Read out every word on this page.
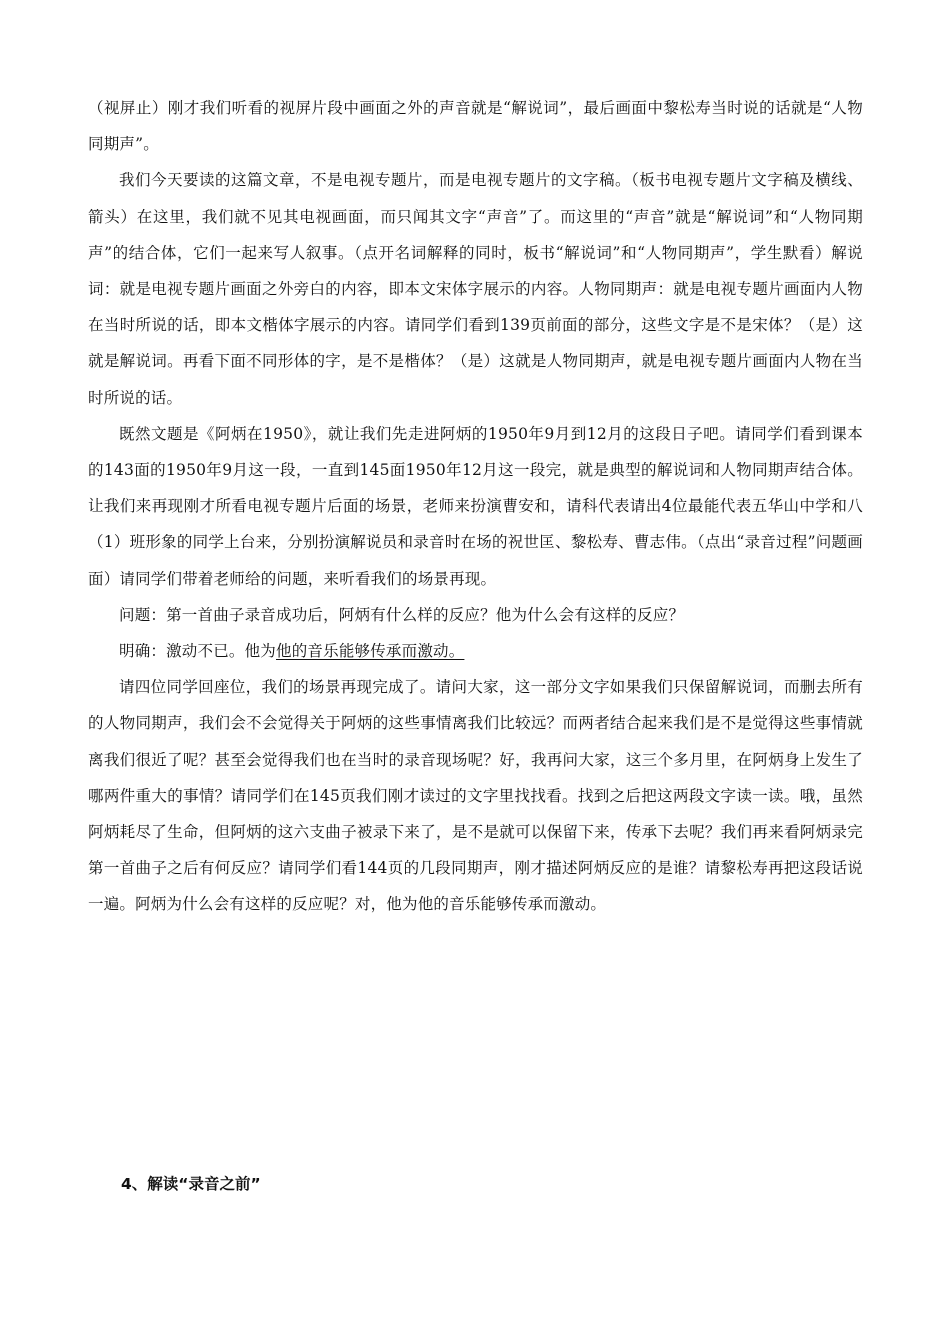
（视屏止）刚才我们听看的视屏片段中画面之外的声音就是“解说词”，最后画面中黎松寿当时说的话就是“人物同期声”。

我们今天要读的这篇文章，不是电视专题片，而是电视专题片的文字稿。（板书电视专题片文字稿及横线、箭头）在这里，我们就不见其电视画面，而只闻其文字“声音”了。而这里的“声音”就是“解说词”和“人物同期声”的结合体，它们一起来写人叙事。（点开名词解释的同时，板书“解说词”和“人物同期声”，学生默看）解说词：就是电视专题片画面之外旁白的内容，即本文宋体字展示的内容。人物同期声：就是电视专题片画面内人物在当时所说的话，即本文楷体字展示的内容。请同学们看到139页前面的部分，这些文字是不是宋体？（是）这就是解说词。再看下面不同形体的字，是不是楷体？（是）这就是人物同期声，就是电视专题片画面内人物在当时所说的话。

既然文题是《阿炳在1950》，就让我们先走进阿炳的1950年9月到12月的这段日子吧。请同学们看到课本的143面的1950年9月这一段，一直到145面1950年12月这一段完，就是典型的解说词和人物同期声结合体。让我们来再现刚才所看电视专题片后面的场景，老师来扮演曹安和，请科代表请出4位最能代表五华山中学和八（1）班形象的同学上台来，分别扮演解说员和录音时在场的祝世匡、黎松寿、曹志伟。（点出“录音过程”问题画面）请同学们带着老师给的问题，来听看我们的场景再现。

问题：第一首曲子录音成功后，阿炳有什么样的反应？他为什么会有这样的反应？

明确：激动不已。他为他的音乐能够传承而激动。

请四位同学回座位，我们的场景再现完成了。请问大家，这一部分文字如果我们只保留解说词，而删去所有的人物同期声，我们会不会觉得关于阿炳的这些事情离我们比较远？而两者结合起来我们是不是觉得这些事情就离我们很近了呢？甚至会觉得我们也在当时的录音现场呢？好，我再问大家，这三个多月里，在阿炳身上发生了哪两件重大的事情？请同学们在145页我们刚才读过的文字里找找看。找到之后把这两段文字读一读。哦，虽然阿炳耗尽了生命，但阿炳的这六支曲子被录下来了，是不是就可以保留下来，传承下去呢？我们再来看阿炳录完第一首曲子之后有何反应？请同学们看144页的几段同期声，刚才描述阿炳反应的是谁？请黎松寿再把这段话说一遍。阿炳为什么会有这样的反应呢？对，他为他的音乐能够传承而激动。

4、解读“录音之前”
